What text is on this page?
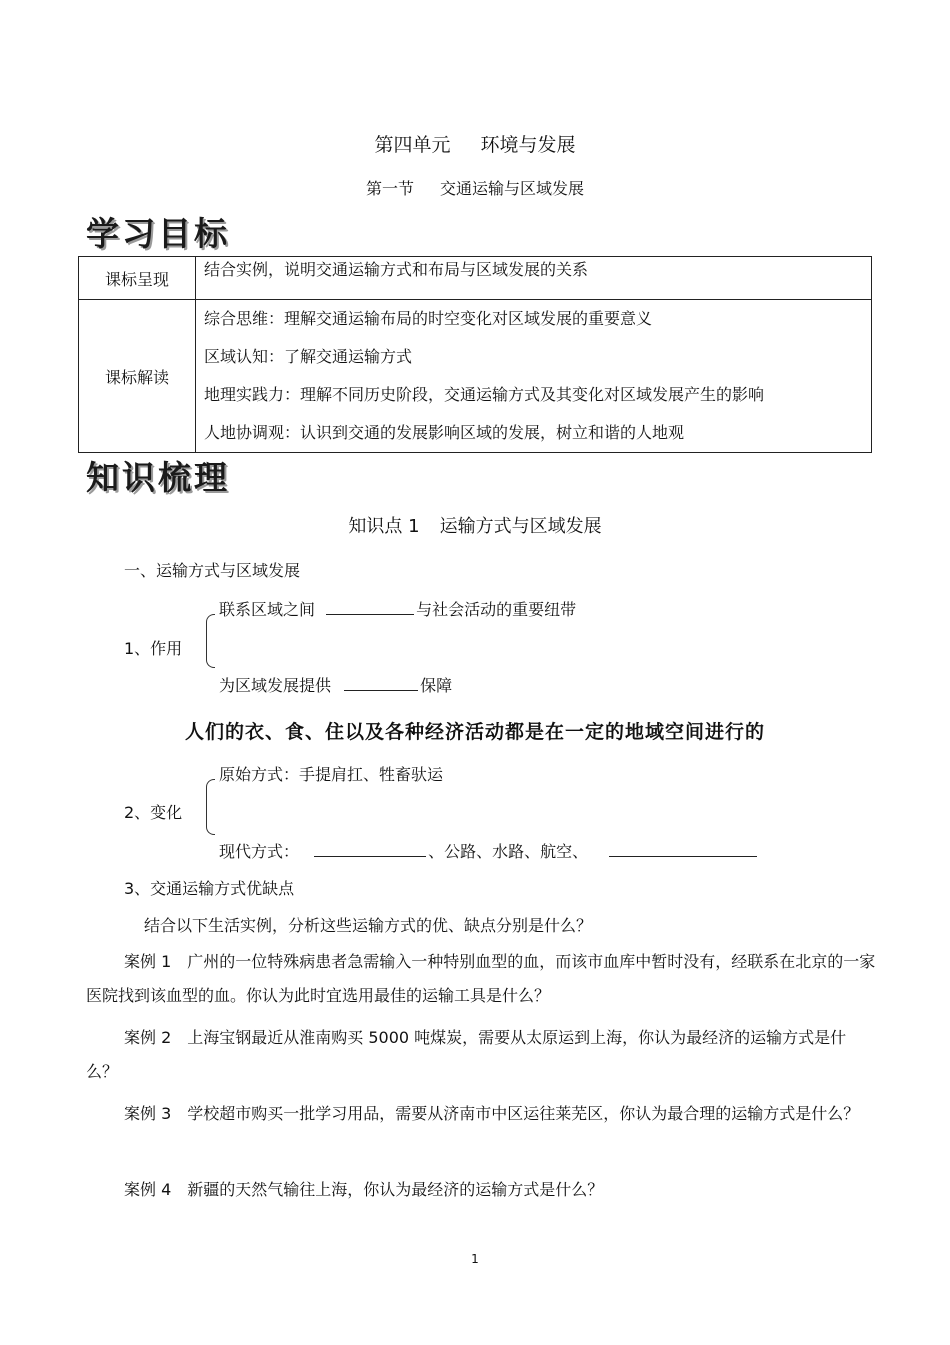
第四单元 环境与发展
第一节 交通运输与区域发展
学习目标
课标呈现	结合实例，说明交通运输方式和布局与区域发展的关系
课标解读	综合思维：理解交通运输布局的时空变化对区域发展的重要意义
区域认知：了解交通运输方式
地理实践力：理解不同历史阶段，交通运输方式及其变化对区域发展产生的影响
人地协调观：认识到交通的发展影响区域的发展，树立和谐的人地观
知识梳理
知识点 1 运输方式与区域发展
一、运输方式与区域发展
联系区域之间	与社会活动的重要纽带
1、作用
为区域发展提供	保障
人们的衣、食、住以及各种经济活动都是在一定的地域空间进行的
原始方式：手提肩扛、牲畜驮运
2、变化
现代方式：	、公路、水路、航空、
3、交通运输方式优缺点
结合以下生活实例，分析这些运输方式的优、缺点分别是什么？
案例 1　广州的一位特殊病患者急需输入一种特别血型的血，而该市血库中暂时没有，经联系在北京的一家医院找到该血型的血。你认为此时宜选用最佳的运输工具是什么？
案例 2　上海宝钢最近从淮南购买 5000 吨煤炭，需要从太原运到上海，你认为最经济的运输方式是什么？
案例 3　学校超市购买一批学习用品，需要从济南市中区运往莱芜区，你认为最合理的运输方式是什么？
案例 4　新疆的天然气输往上海，你认为最经济的运输方式是什么？
1
